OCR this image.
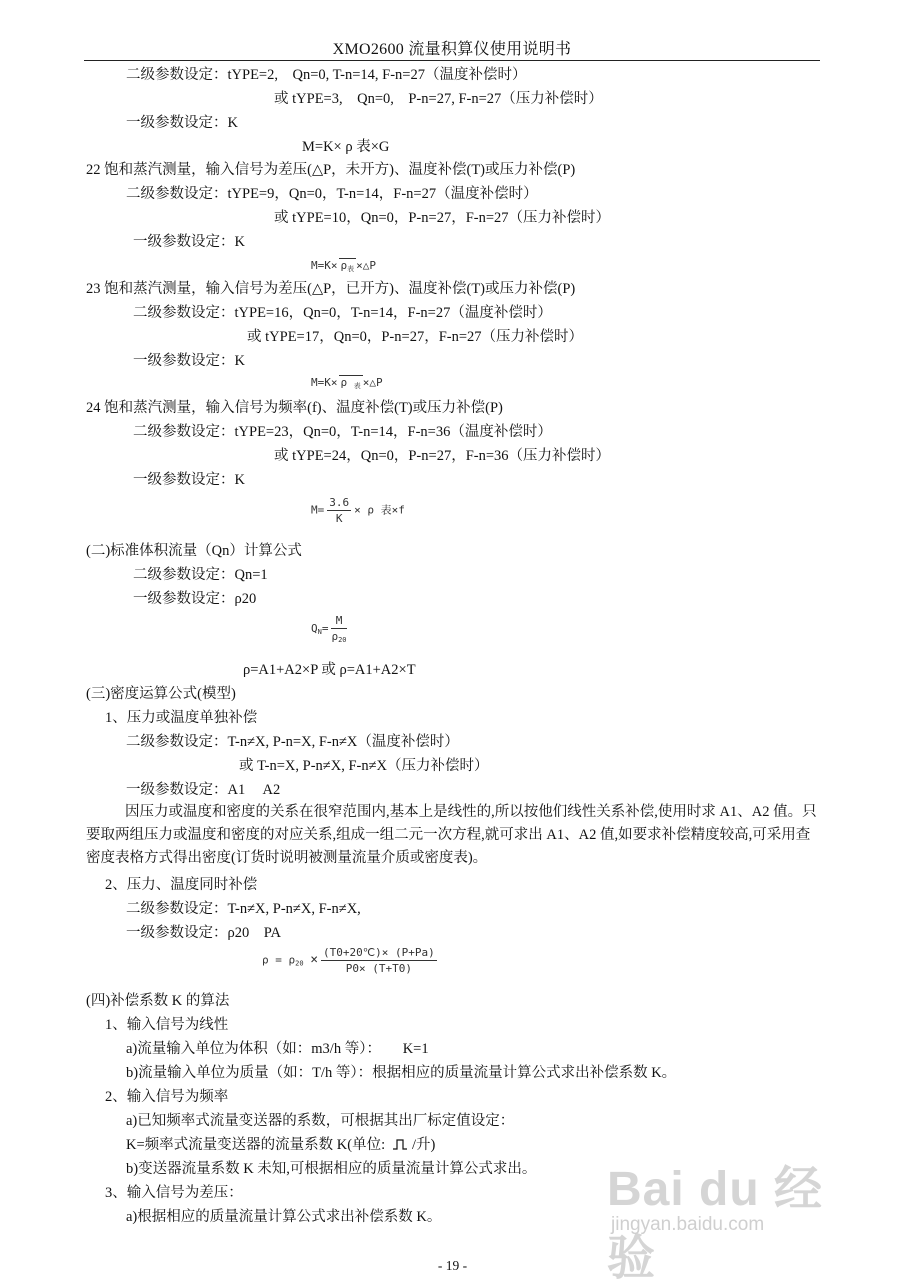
XMO2600 流量积算仪使用说明书
二级参数设定：tYPE=2,　Qn=0, T-n=14, F-n=27（温度补偿时）
或 tYPE=3,　Qn=0,　P-n=27, F-n=27（压力补偿时）
一级参数设定：K
M=K× ρ 表×G
22 饱和蒸汽测量，输入信号为差压(△P，未开方)、温度补偿(T)或压力补偿(P)
二级参数设定：tYPE=9，Qn=0，T-n=14，F-n=27（温度补偿时）
或 tYPE=10，Qn=0，P-n=27，F-n=27（压力补偿时）
一级参数设定：K
$M=K\times \rho_表$ ×△P
23 饱和蒸汽测量，输入信号为差压(△P，已开方)、温度补偿(T)或压力补偿(P)
二级参数设定：tYPE=16，Qn=0，T-n=14，F-n=27（温度补偿时）
或 tYPE=17，Qn=0，P-n=27，F-n=27（压力补偿时）
一级参数设定：K
M=K× ρ $_表$ ×△P
24 饱和蒸汽测量，输入信号为频率(f)、温度补偿(T)或压力补偿(P)
二级参数设定：tYPE=23，Qn=0，T-n=14，F-n=36（温度补偿时）
或 tYPE=24，Qn=0，P-n=27，F-n=36（压力补偿时）
一级参数设定：K
$M= \frac{3.6}{K} \times \rho$ 表×f
(二)标准体积流量（Qn）计算公式
二级参数设定：Qn=1
一级参数设定：ρ20
$Q_N= \frac{M}{\rho_{20}}$
ρ=A1+A2×P 或 ρ=A1+A2×T
(三)密度运算公式(模型)
1、压力或温度单独补偿
二级参数设定：T-n≠X, P-n=X, F-n≠X（温度补偿时）
或 T-n=X, P-n≠X, F-n≠X（压力补偿时）
一级参数设定：A1　 A2
因压力或温度和密度的关系在很窄范围内,基本上是线性的,所以按他们线性关系补偿,使用时求 A1、A2 值。只要取两组压力或温度和密度的对应关系,组成一组二元一次方程,就可求出 A1、A2 值,如要求补偿精度较高,可采用查密度表格方式得出密度(订货时说明被测量流量介质或密度表)。
2、压力、温度同时补偿
二级参数设定：T-n≠X, P-n≠X, F-n≠X,
一级参数设定：ρ20　PA
$\rho = \rho_{20} \times \frac{(T0+20℃)\times (P+Pa)}{P0\times (T+T0)}$
(四)补偿系数 K 的算法
1、输入信号为线性
a)流量输入单位为体积（如：m3/h 等）：　　K=1
b)流量输入单位为质量（如：T/h 等）：根据相应的质量流量计算公式求出补偿系数 K。
2、输入信号为频率
a)已知频率式流量变送器的系数，可根据其出厂标定值设定：
K=频率式流量变送器的流量系数 K(单位: /升)
b)变送器流量系数 K 未知,可根据相应的质量流量计算公式求出。
3、输入信号为差压：
a)根据相应的质量流量计算公式求出补偿系数 K。
Bai du 经验
jingyan.baidu.com
- 19 -
